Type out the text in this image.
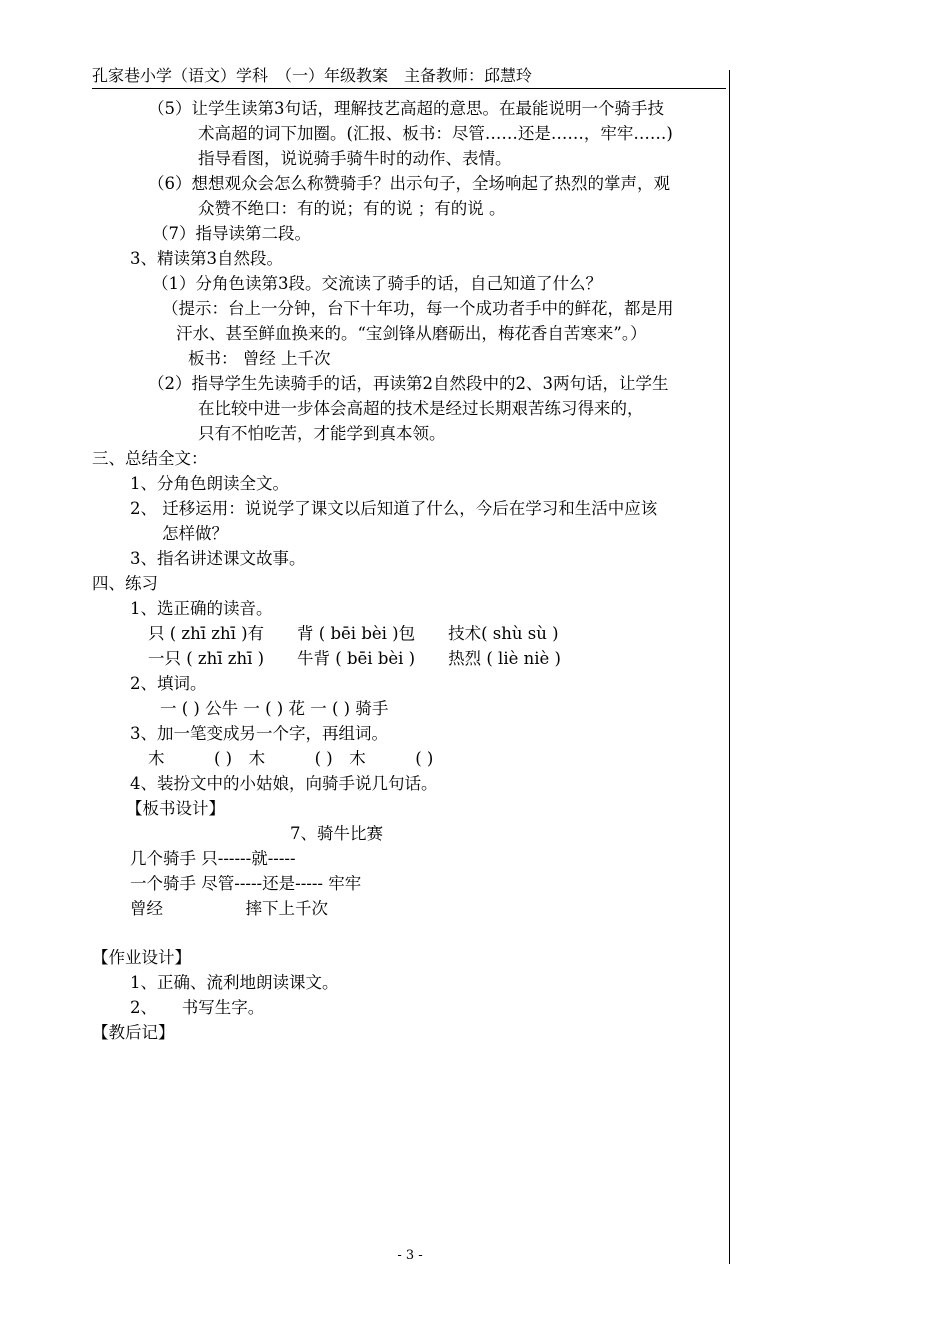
孔家巷小学（语文）学科　（一）年级教案　主备教师：邱慧玲
（5）让学生读第3句话，理解技艺高超的意思。在最能说明一个骑手技
术高超的词下加圈。(汇报、板书：尽管……还是……，牢牢……)
指导看图，说说骑手骑牛时的动作、表情。
（6）想想观众会怎么称赞骑手？出示句子，全场响起了热烈的掌声，观
众赞不绝口：有的说；有的说 ；有的说 。
（7）指导读第二段。
3、精读第3自然段。
（1）分角色读第3段。交流读了骑手的话，自己知道了什么？
（提示：台上一分钟，台下十年功，每一个成功者手中的鲜花，都是用
汗水、甚至鲜血换来的。“宝剑锋从磨砺出，梅花香自苦寒来”。）
板书： 曾经 上千次
（2）指导学生先读骑手的话，再读第2自然段中的2、3两句话，让学生
在比较中进一步体会高超的技术是经过长期艰苦练习得来的，
只有不怕吃苦，才能学到真本领。
三、总结全文：
1、分角色朗读全文。
2、 迁移运用：说说学了课文以后知道了什么，今后在学习和生活中应该
怎样做？
3、指名讲述课文故事。
四、练习
1、选正确的读音。
只 ( zhī zhī )有　　背 ( bēi bèi )包　　技术( shù sù )
一只 ( zhī zhī )　　牛背 ( bēi bèi )　　热烈 ( liè niè )
2、填词。
一 ( ) 公牛 一 ( ) 花 一 ( ) 骑手
3、加一笔变成另一个字，再组词。
木　　　( )　木　　　( )　木　　　( )
4、装扮文中的小姑娘，向骑手说几句话。
【板书设计】
7、骑牛比赛
几个骑手 只------就-----
一个骑手 尽管-----还是----- 牢牢
曾经　　　　　摔下上千次
【作业设计】
1、正确、流利地朗读课文。
2、　　书写生字。
【教后记】
- 3 -
